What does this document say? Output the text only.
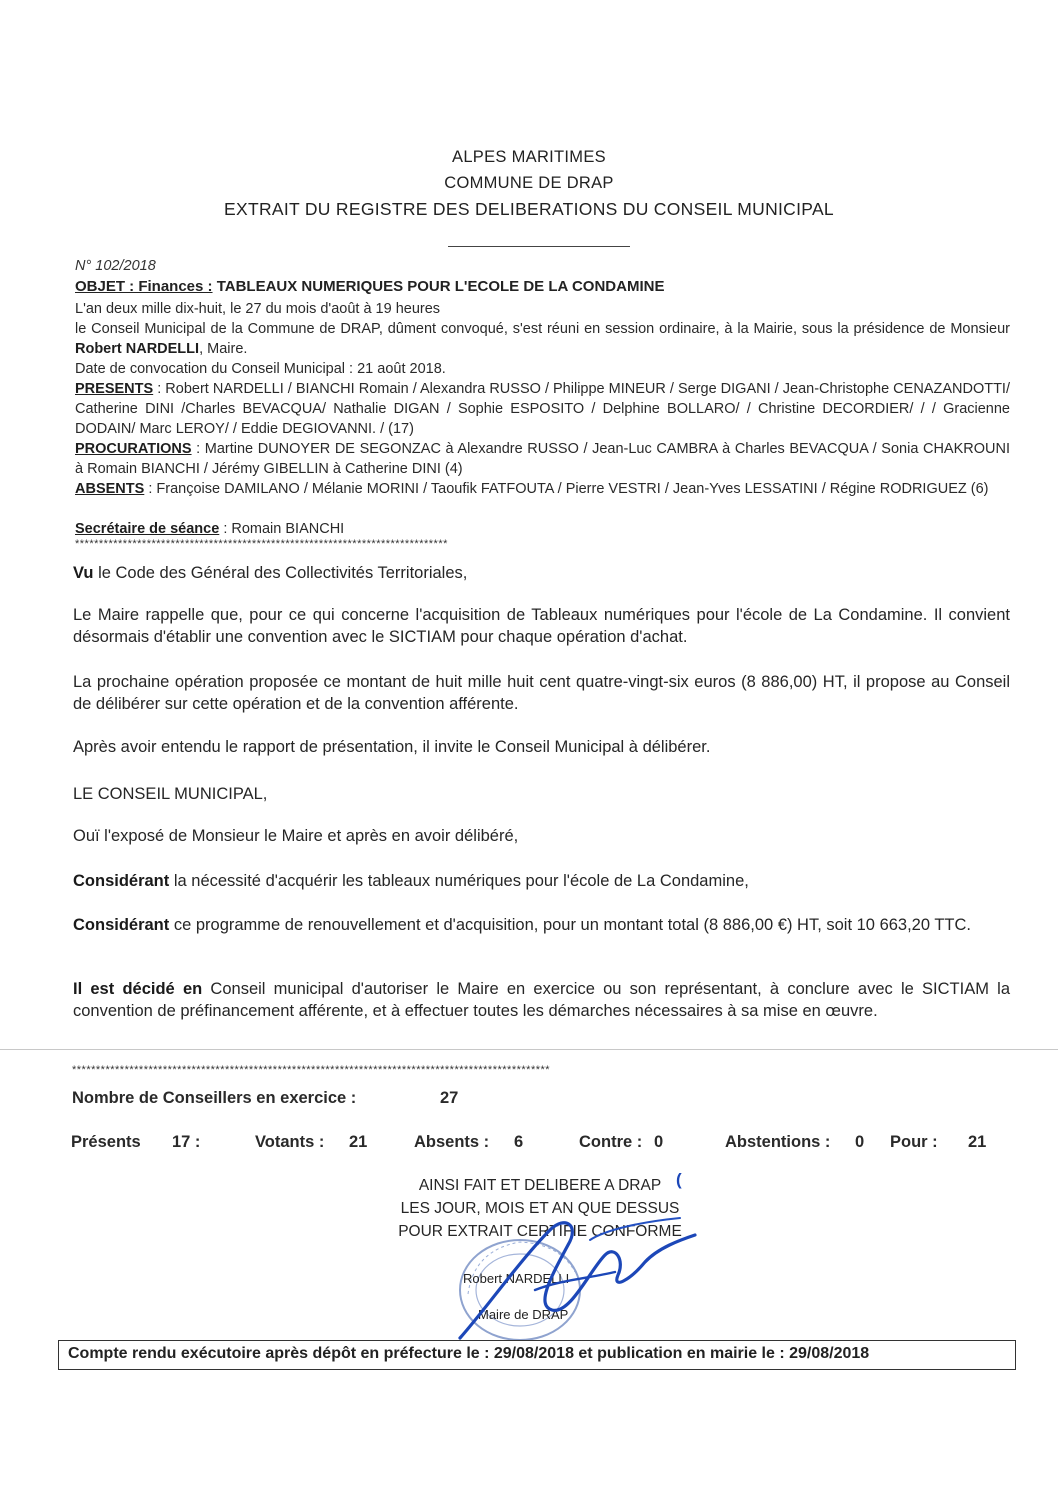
ALPES MARITIMES
COMMUNE DE DRAP
EXTRAIT DU REGISTRE DES DELIBERATIONS DU CONSEIL MUNICIPAL
N° 102/2018
OBJET : Finances : TABLEAUX NUMERIQUES POUR L'ECOLE DE LA CONDAMINE
L'an deux mille dix-huit, le 27 du mois d'août à 19 heures
le Conseil Municipal de la Commune de DRAP, dûment convoqué, s'est réuni en session ordinaire, à la Mairie, sous la présidence de Monsieur Robert NARDELLI, Maire.
Date de convocation du Conseil Municipal : 21 août 2018.
PRESENTS : Robert NARDELLI / BIANCHI Romain / Alexandra RUSSO / Philippe MINEUR / Serge DIGANI / Jean-Christophe CENAZANDOTTI/ Catherine DINI /Charles BEVACQUA/ Nathalie DIGAN / Sophie ESPOSITO / Delphine BOLLARO/ / Christine DECORDIER/ / / Gracienne DODAIN/ Marc LEROY/ / Eddie DEGIOVANNI. / (17)
PROCURATIONS : Martine DUNOYER DE SEGONZAC à Alexandre RUSSO / Jean-Luc CAMBRA à Charles BEVACQUA / Sonia CHAKROUNI à Romain BIANCHI / Jérémy GIBELLIN à Catherine DINI (4)
ABSENTS : Françoise DAMILANO / Mélanie MORINI / Taoufik FATFOUTA / Pierre VESTRI / Jean-Yves LESSATINI / Régine RODRIGUEZ (6)
Secrétaire de séance : Romain BIANCHI
******************************************************************************
Vu le Code des Général des Collectivités Territoriales,
Le Maire rappelle que, pour ce qui concerne l'acquisition de Tableaux numériques pour l'école de La Condamine. Il convient désormais d'établir une convention avec le SICTIAM pour chaque opération d'achat.
La prochaine opération proposée ce montant de huit mille huit cent quatre-vingt-six euros (8 886,00) HT, il propose au Conseil de délibérer sur cette opération et de la convention afférente.
Après avoir entendu le rapport de présentation, il invite le Conseil Municipal à délibérer.
LE CONSEIL MUNICIPAL,
Ouï l'exposé de Monsieur le Maire et après en avoir délibéré,
Considérant la nécessité d'acquérir les tableaux numériques pour l'école de La Condamine,
Considérant ce programme de renouvellement et d'acquisition, pour un montant total (8 886,00 €) HT, soit 10 663,20 TTC.
Il est décidé en Conseil municipal d'autoriser le Maire en exercice ou son représentant, à conclure avec le SICTIAM la convention de préfinancement afférente, et à effectuer toutes les démarches nécessaires à sa mise en œuvre.
****************************************************************************************************
Nombre de Conseillers en exercice :	27
Présents 17 :	Votants : 21	Absents : 6	Contre : 0	Abstentions : 0 Pour : 21
AINSI FAIT ET DELIBERE A DRAP (
LES JOUR, MOIS ET AN QUE DESSUS
POUR EXTRAIT CERTIFIE CONFORME
Robert NARDELLI
Maire de DRAP
Compte rendu exécutoire après dépôt en préfecture le : 29/08/2018 et publication en mairie le : 29/08/2018
